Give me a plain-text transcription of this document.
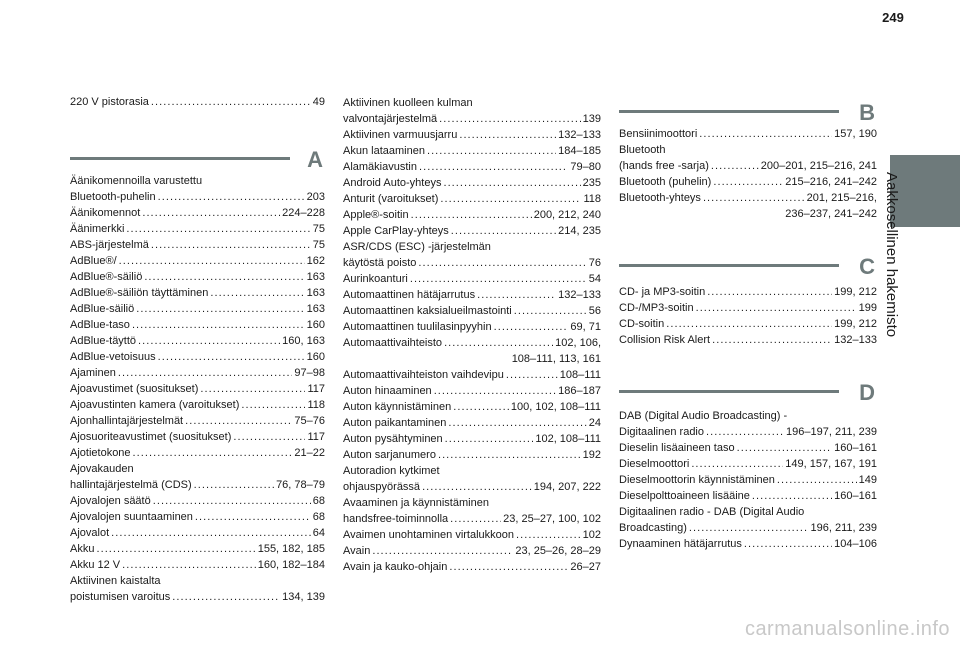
249
Aakkosellinen hakemisto
220 V pistorasia . . .	49
A
Äänikomennoilla varustettu
Bluetooth-puhelin . . .	203
Äänikomennot . . .	224–228
Äänimerkki . . .	75
ABS-järjestelmä . . .	75
AdBlue®/ . . .	162
AdBlue®-säiliö . . .	163
AdBlue®-säiliön täyttäminen . . .	163
AdBlue-säiliö . . .	163
AdBlue-taso . . .	160
AdBlue-täyttö . . .	160, 163
AdBlue-vetoisuus . . .	160
Ajaminen . . .	97–98
Ajoavustimet (suositukset) . . .	117
Ajoavustinten kamera (varoitukset) . . .	118
Ajonhallintajärjestelmät . . .	75–76
Ajosuoriteavustimet (suositukset) . . .	117
Ajotietokone . . .	21–22
Ajovakauden
hallintajärjestelmä (CDS) . . .	76, 78–79
Ajovalojen säätö . . .	68
Ajovalojen suuntaaminen . . .	68
Ajovalot . . .	64
Akku . . .	155, 182, 185
Akku 12 V . . .	160, 182–184
Aktiivinen kaistalta
poistumisen varoitus . . .	134, 139
Aktiivinen kuolleen kulman
valvontajärjestelmä . . .	139
Aktiivinen varmuusjarru . . .	132–133
Akun lataaminen . . .	184–185
Alamäkiavustin . . .	79–80
Android Auto-yhteys . . .	235
Anturit (varoitukset) . . .	118
Apple®-soitin . . .	200, 212, 240
Apple CarPlay-yhteys . . .	214, 235
ASR/CDS (ESC) -järjestelmän
käytöstä poisto . . .	76
Aurinkoanturi . . .	54
Automaattinen hätäjarrutus . . .	132–133
Automaattinen kaksialueilmastointi . . .	56
Automaattinen tuulilasinpyyhin . . .	69, 71
Automaattivaihteisto . . .	102, 106,
108–111, 113, 161
Automaattivaihteiston vaihdevipu . . .	108–111
Auton hinaaminen . . .	186–187
Auton käynnistäminen . . .	100, 102, 108–111
Auton paikantaminen . . .	24
Auton pysähtyminen . . .	102, 108–111
Auton sarjanumero . . .	192
Autoradion kytkimet
ohjauspyörässä . . .	194, 207, 222
Avaaminen ja käynnistäminen
handsfree-toiminnolla . . .	23, 25–27, 100, 102
Avaimen unohtaminen virtalukkoon . . .	102
Avain . . .	23, 25–26, 28–29
Avain ja kauko-ohjain . . .	26–27
B
Bensiinimoottori . . .	157, 190
Bluetooth
(hands free -sarja) . . .	200–201, 215–216, 241
Bluetooth (puhelin) . . .	215–216, 241–242
Bluetooth-yhteys . . .	201, 215–216,
236–237, 241–242
C
CD- ja MP3-soitin . . .	199, 212
CD-/MP3-soitin . . .	199
CD-soitin . . .	199, 212
Collision Risk Alert . . .	132–133
D
DAB (Digital Audio Broadcasting) -
Digitaalinen radio . . .	196–197, 211, 239
Dieselin lisäaineen taso . . .	160–161
Dieselmoottori . . .	149, 157, 167, 191
Dieselmoottorin käynnistäminen . . .	149
Dieselpolttoaineen lisääine . . .	160–161
Digitaalinen radio - DAB (Digital Audio
Broadcasting) . . .	196, 211, 239
Dynaaminen hätäjarrutus . . .	104–106
carmanualsonline.info
